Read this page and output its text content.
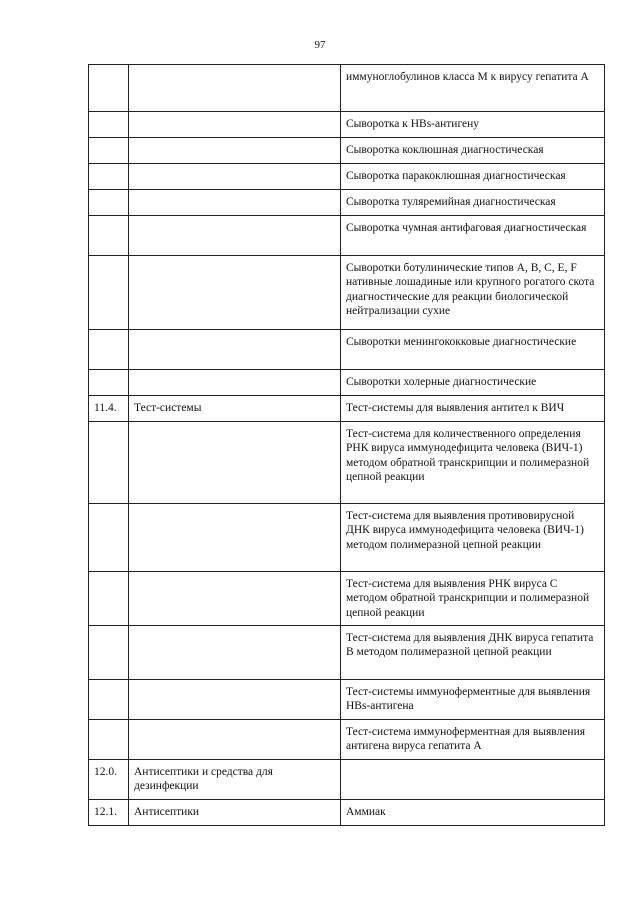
97
		иммуноглобулинов класса М к вирусу гепатита А
		Сыворотка к HBs-антигену
		Сыворотка коклюшная диагностическая
		Сыворотка паракоклюшная диагностическая
		Сыворотка туляремийная диагностическая
		Сыворотка чумная антифаговая диагностическая
		Сыворотки ботулинические типов А, В, С, Е, F нативные лошадиные или крупного рогатого скота диагностические для реакции биологической нейтрализации сухие
		Сыворотки менингококковые диагностические
		Сыворотки холерные диагностические
11.4.	Тест-системы	Тест-системы для выявления антител к ВИЧ
		Тест-система для количественного определения РНК вируса иммунодефицита человека (ВИЧ-1) методом обратной транскрипции и полимеразной цепной реакции
		Тест-система для выявления противовирусной ДНК вируса иммунодефицита человека (ВИЧ-1) методом полимеразной цепной реакции
		Тест-система для выявления РНК вируса С методом обратной транскрипции и полимеразной цепной реакции
		Тест-система для выявления ДНК вируса гепатита В методом полимеразной цепной реакции
		Тест-системы иммуноферментные для выявления HBs-антигена
		Тест-система иммуноферментная для выявления антигена вируса гепатита А
12.0.	Антисептики и средства для дезинфекции	
12.1.	Антисептики	Аммиак
